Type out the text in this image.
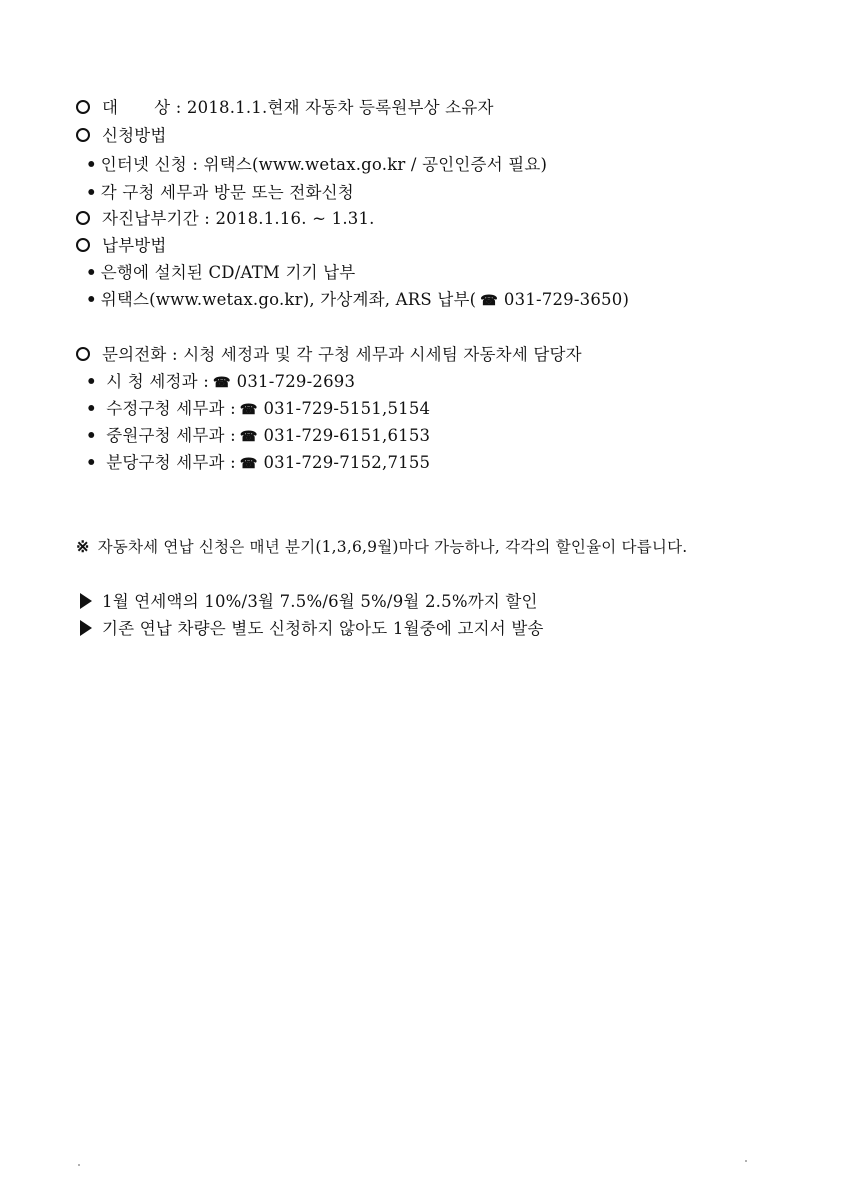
대 상 : 2018.1.1.현재 자동차 등록원부상 소유자
신청방법
• 인터넷 신청 : 위택스(www.wetax.go.kr / 공인인증서 필요)
• 각 구청 세무과 방문 또는 전화신청
자진납부기간 : 2018.1.16. ~ 1.31.
납부방법
• 은행에 설치된 CD/ATM 기기 납부
• 위택스(www.wetax.go.kr), 가상계좌, ARS 납부( ☎ 031-729-3650)
문의전화 : 시청 세정과 및 각 구청 세무과 시세팀 자동차세 담당자
• 시 청 세정과 : ☎ 031-729-2693
• 수정구청 세무과 : ☎ 031-729-5151,5154
• 중원구청 세무과 : ☎ 031-729-6151,6153
• 분당구청 세무과 : ☎ 031-729-7152,7155
※ 자동차세 연납 신청은 매년 분기(1,3,6,9월)마다 가능하나, 각각의 할인율이 다릅니다.
1월 연세액의 10%/3월 7.5%/6월 5%/9월 2.5%까지 할인
기존 연납 차량은 별도 신청하지 않아도 1월중에 고지서 발송
